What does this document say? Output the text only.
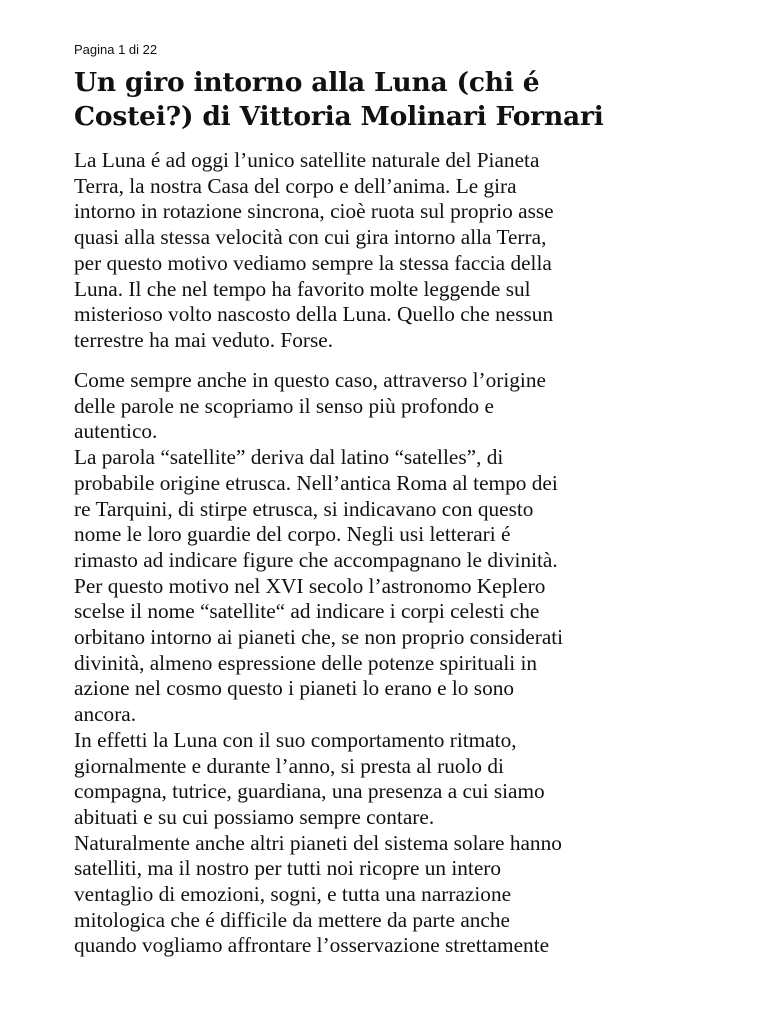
Pagina 1 di 22
Un giro intorno alla Luna (chi é
Costei?) di Vittoria Molinari Fornari
La Luna é ad oggi l’unico satellite naturale del Pianeta
Terra, la nostra Casa del corpo e dell’anima. Le gira
intorno in rotazione sincrona, cioè ruota sul proprio asse
quasi alla stessa velocità con cui gira intorno alla Terra,
per questo motivo vediamo sempre la stessa faccia della
Luna. Il che nel tempo ha favorito molte leggende sul
misterioso volto nascosto della Luna. Quello che nessun
terrestre ha mai veduto. Forse.
Come sempre anche in questo caso, attraverso l’origine
delle parole ne scopriamo il senso più profondo e
autentico.
La parola “satellite” deriva dal latino “satelles”, di
probabile origine etrusca. Nell’antica Roma al tempo dei
re Tarquini, di stirpe etrusca, si indicavano con questo
nome le loro guardie del corpo. Negli usi letterari é
rimasto ad indicare figure che accompagnano le divinità.
Per questo motivo nel XVI secolo l’astronomo Keplero
scelse il nome “satellite“ ad indicare i corpi celesti che
orbitano intorno ai pianeti che, se non proprio considerati
divinità, almeno espressione delle potenze spirituali in
azione nel cosmo questo i pianeti lo erano e lo sono
ancora.
In effetti la Luna con il suo comportamento ritmato,
giornalmente e durante l’anno, si presta al ruolo di
compagna, tutrice, guardiana, una presenza a cui siamo
abituati e su cui possiamo sempre contare.
Naturalmente anche altri pianeti del sistema solare hanno
satelliti, ma il nostro per tutti noi ricopre un intero
ventaglio di emozioni, sogni, e tutta una narrazione
mitologica che é difficile da mettere da parte anche
quando vogliamo affrontare l’osservazione strettamente
